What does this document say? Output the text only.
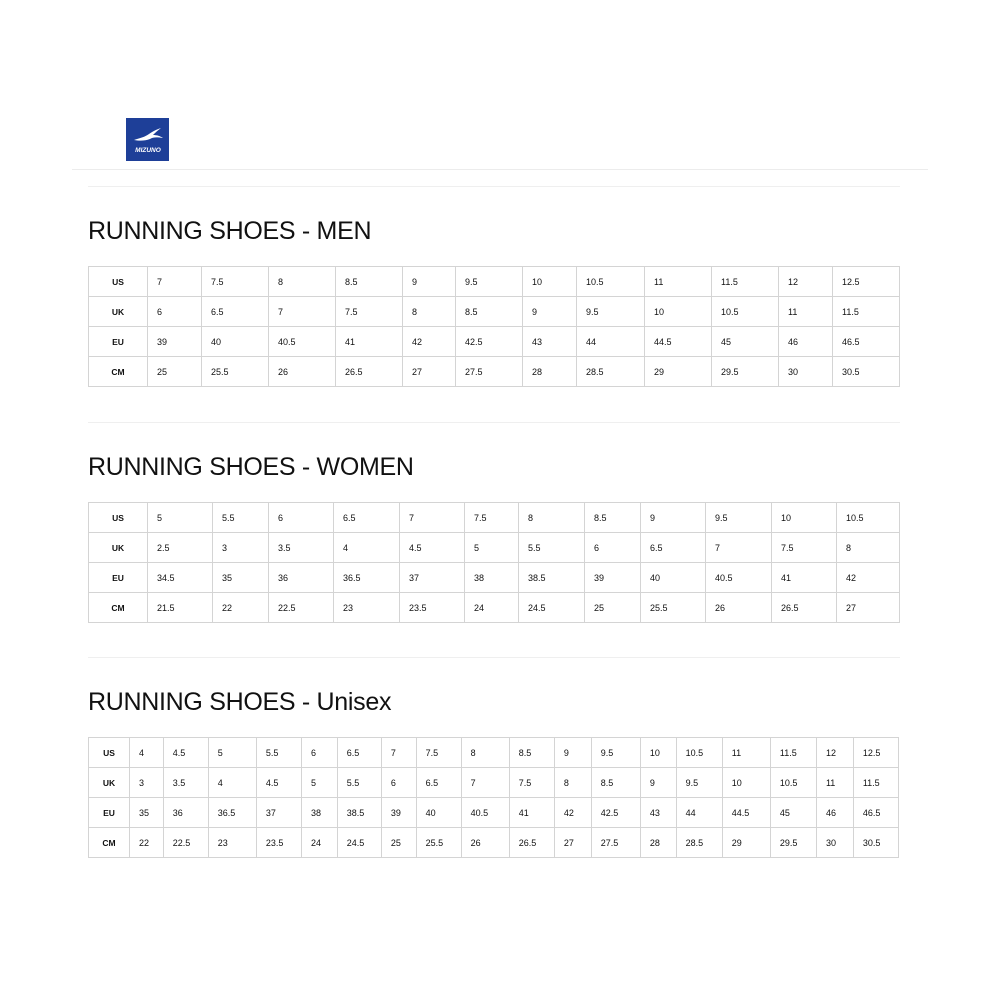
MIZUNO
RUNNING SHOES - MEN
US	7	7.5	8	8.5	9	9.5	10	10.5	11	11.5	12	12.5
UK	6	6.5	7	7.5	8	8.5	9	9.5	10	10.5	11	11.5
EU	39	40	40.5	41	42	42.5	43	44	44.5	45	46	46.5
CM	25	25.5	26	26.5	27	27.5	28	28.5	29	29.5	30	30.5
RUNNING SHOES - WOMEN
US	5	5.5	6	6.5	7	7.5	8	8.5	9	9.5	10	10.5
UK	2.5	3	3.5	4	4.5	5	5.5	6	6.5	7	7.5	8
EU	34.5	35	36	36.5	37	38	38.5	39	40	40.5	41	42
CM	21.5	22	22.5	23	23.5	24	24.5	25	25.5	26	26.5	27
RUNNING SHOES - Unisex
US	4	4.5	5	5.5	6	6.5	7	7.5	8	8.5	9	9.5	10	10.5	11	11.5	12	12.5
UK	3	3.5	4	4.5	5	5.5	6	6.5	7	7.5	8	8.5	9	9.5	10	10.5	11	11.5
EU	35	36	36.5	37	38	38.5	39	40	40.5	41	42	42.5	43	44	44.5	45	46	46.5
CM	22	22.5	23	23.5	24	24.5	25	25.5	26	26.5	27	27.5	28	28.5	29	29.5	30	30.5
